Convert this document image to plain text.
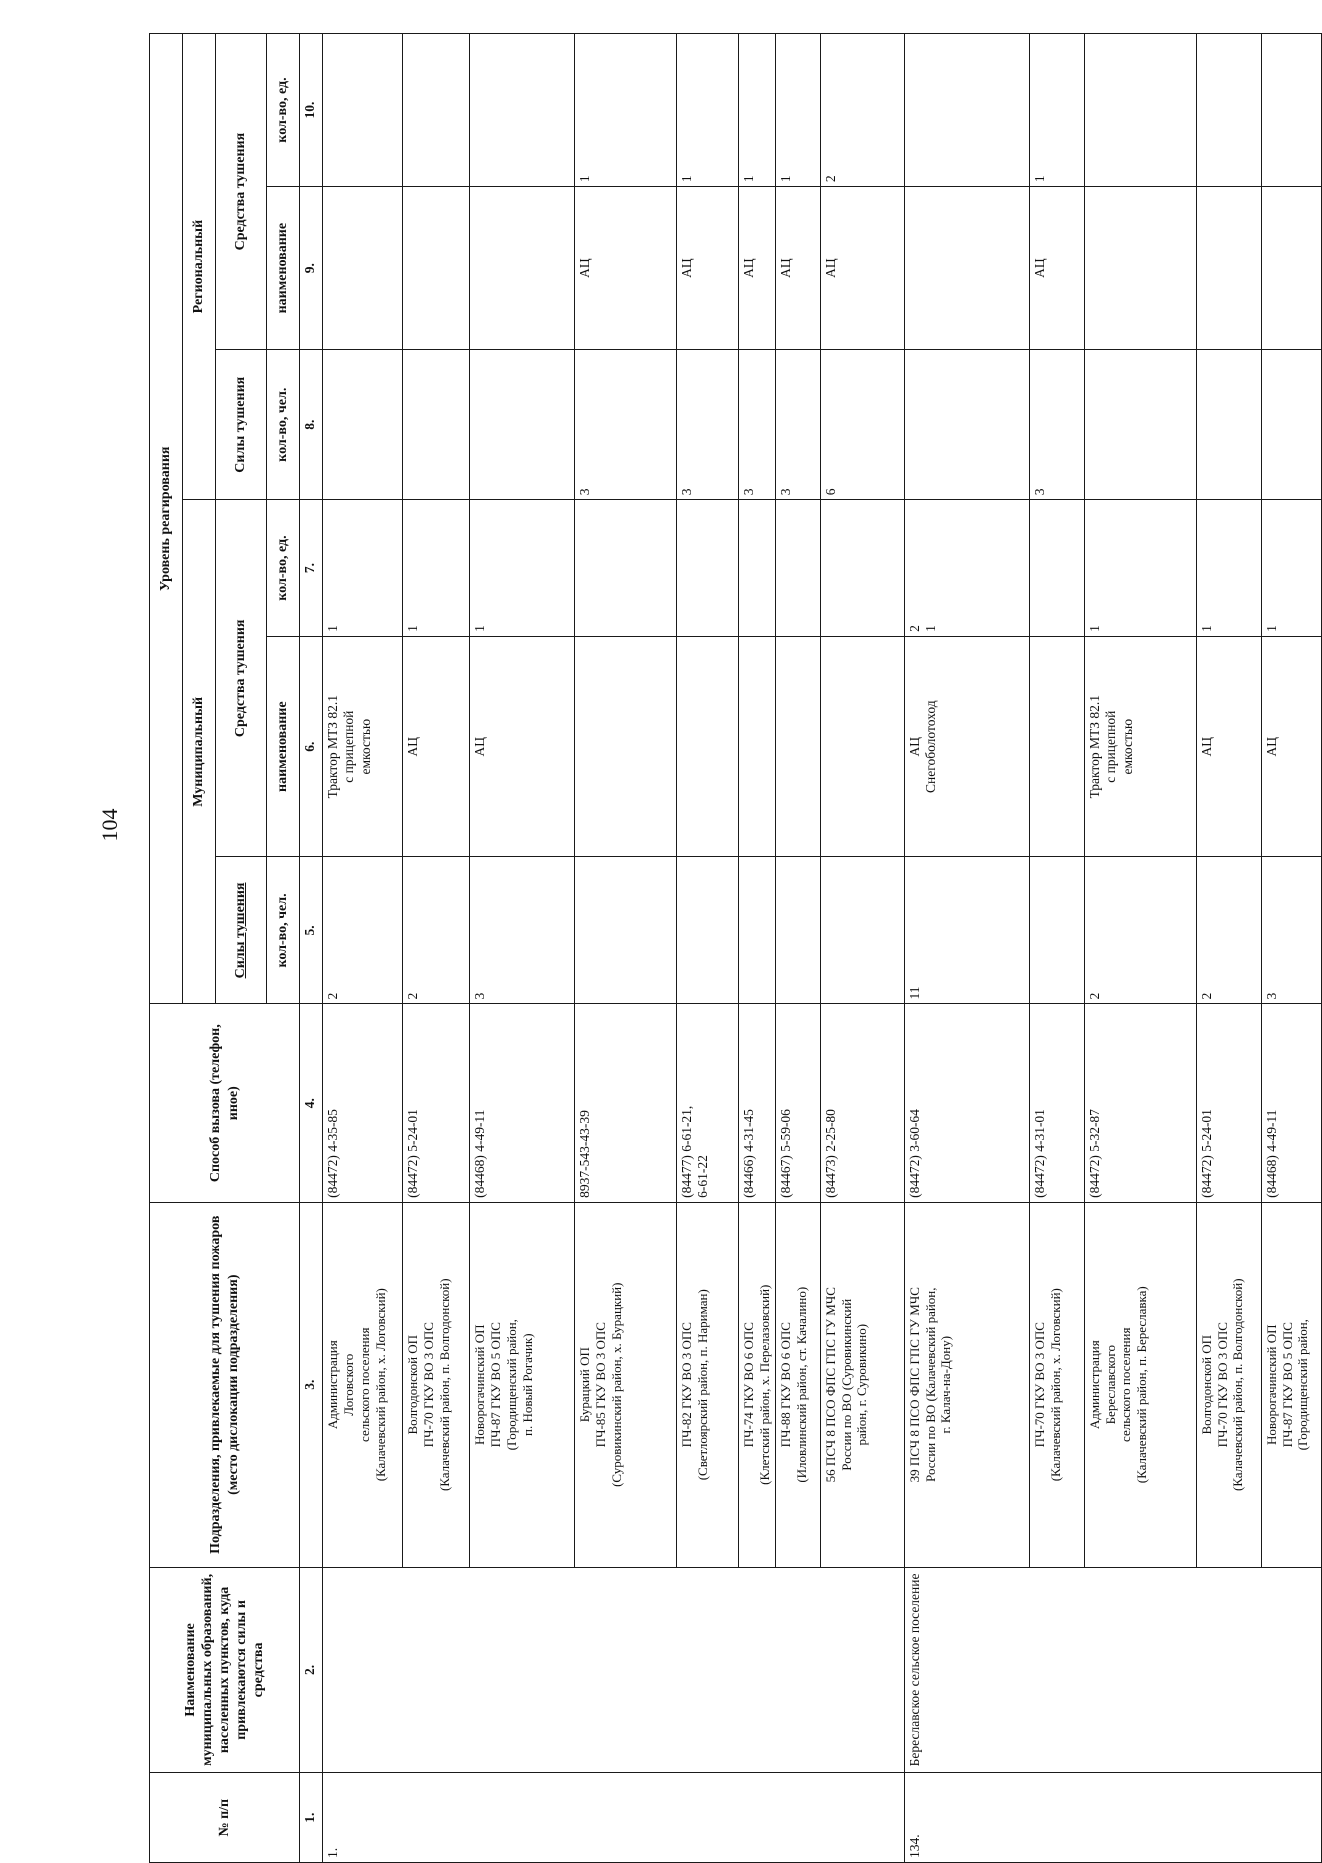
104
№ п/п	Наименование муниципальных образований, населенных пунктов, куда привлекаются силы и средства	Подразделения, привлекаемые для тушения пожаров (место дислокации подразделения)	Способ вызова (телефон, иное)	Уровень реагирования					
				Муниципальный			Региональный		
				Силы тушения	Средства тушения		Силы тушения	Средства тушения	
				кол-во, чел.	наименование	кол-во, ед.	кол-во, чел.	наименование	кол-во, ед.
1.	2.	3.	4.	5.	6.	7.	8.	9.	10.
1.		Администрация Логовского сельского поселения (Калачевский район, х. Логовский)	(84472) 4-35-85	2	Трактор МТЗ 82.1 с прицепной емкостью	1			

		Волгодонской ОП ПЧ-70 ГКУ ВО 3 ОПС (Калачевский район, п. Волгодонской)	(84472) 5-24-01	2	АЦ	1			

		Новорогачинский ОП ПЧ-87 ГКУ ВО 5 ОПС (Городищенский район, п. Новый Рогачик)	(84468) 4-49-11	3	АЦ	1			

		Бурацкий ОП ПЧ-85 ГКУ ВО 3 ОПС (Суровикинский район, х. Бурацкий)	8937-543-43-39				3	АЦ	1

		ПЧ-82 ГКУ ВО 3 ОПС (Светлоярский район, п. Нариман)	(84477) 6-61-21, 6-61-22				3	АЦ	1

		ПЧ-74 ГКУ ВО 6 ОПС (Клетский район, х. Перелазовский)	(84466) 4-31-45				3	АЦ	1

		ПЧ-88 ГКУ ВО 6 ОПС (Иловлинский район, ст. Качалино)	(84467) 5-59-06				3	АЦ	1

		56 ПСЧ 8 ПСО ФПС ГПС ГУ МЧС России по ВО (Суровикинский район, г. Суровикино)	(84473) 2-25-80				6	АЦ	2
134.	Береславское сельское поселение	39 ПСЧ 8 ПСО ФПС ГПС ГУ МЧС России по ВО (Калачевский район, г. Калач-на-Дону)	(84472) 3-60-64	11	АЦ Снегоболотоход	2 1			

		ПЧ-70 ГКУ ВО 3 ОПС (Калачевский район, х. Логовский)	(84472) 4-31-01				3	АЦ	1

		Администрация Береславского сельского поселения (Калачевский район, п. Береславка)	(84472) 5-32-87	2	Трактор МТЗ 82.1 с прицепной емкостью	1			

		Волгодонской ОП ПЧ-70 ГКУ ВО 3 ОПС (Калачевский район, п. Волгодонской)	(84472) 5-24-01	2	АЦ	1			

		Новорогачинский ОП ПЧ-87 ГКУ ВО 5 ОПС (Городищенский район,	(84468) 4-49-11	3	АЦ	1			
